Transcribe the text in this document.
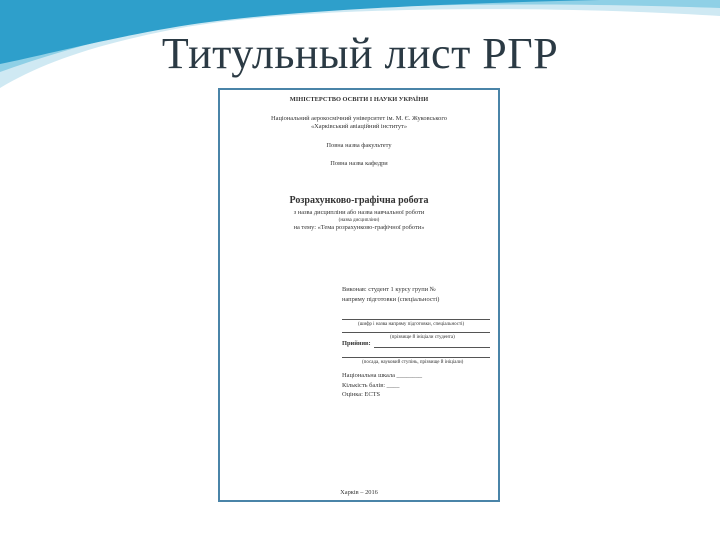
Титульный лист РГР
МІНІСТЕРСТВО ОСВІТИ І НАУКИ УКРАЇНИ
Національний аерокосмічний університет ім. М. Є. Жуковського
«Харківський авіаційний інститут»
Повна назва факультету
Повна назва кафедри
Розрахунково-графічна робота
з назва дисципліни або назва навчальної роботи
(назва дисципліни)
на тему: «Тема розрахунково-графічної роботи»
Виконав: студент 1 курсу групи №
напряму підготовки (спеціальності)
(шифр і назва напряму підготовки, спеціальності)
(прізвище й ініціали студента)
Прийняв:
(посада, науковий ступінь, прізвище й ініціали)
Національна шкала ________
Кількість балів: ____
Оцінка: ECTS
Харків – 2016
